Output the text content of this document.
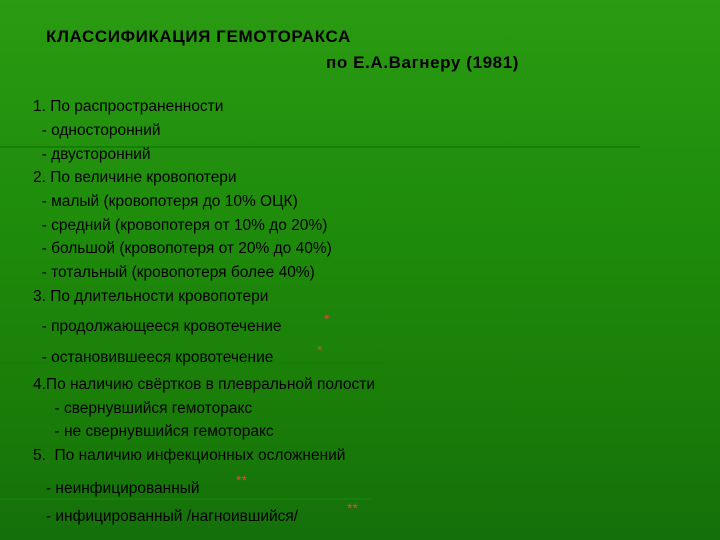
КЛАССИФИКАЦИЯ ГЕМОТОРАКСА
по Е.А.Вагнеру (1981)
1. По распространенности
- односторонний
- двусторонний
2. По величине кровопотери
- малый (кровопотеря до 10% ОЦК)
- средний (кровопотеря от 10% до 20%)
- большой (кровопотеря от 20% до 40%)
- тотальный (кровопотеря более 40%)
3. По длительности кровопотери
- продолжающееся кровотечение	*
- остановившееся кровотечение	*
4.По наличию свёртков в плевральной полости
- свернувшийся гемоторакс
- не свернувшийся гемоторакс
5.  По наличию инфекционных осложнений
- неинфицированный	**
- инфицированный /нагноившийся/	**
